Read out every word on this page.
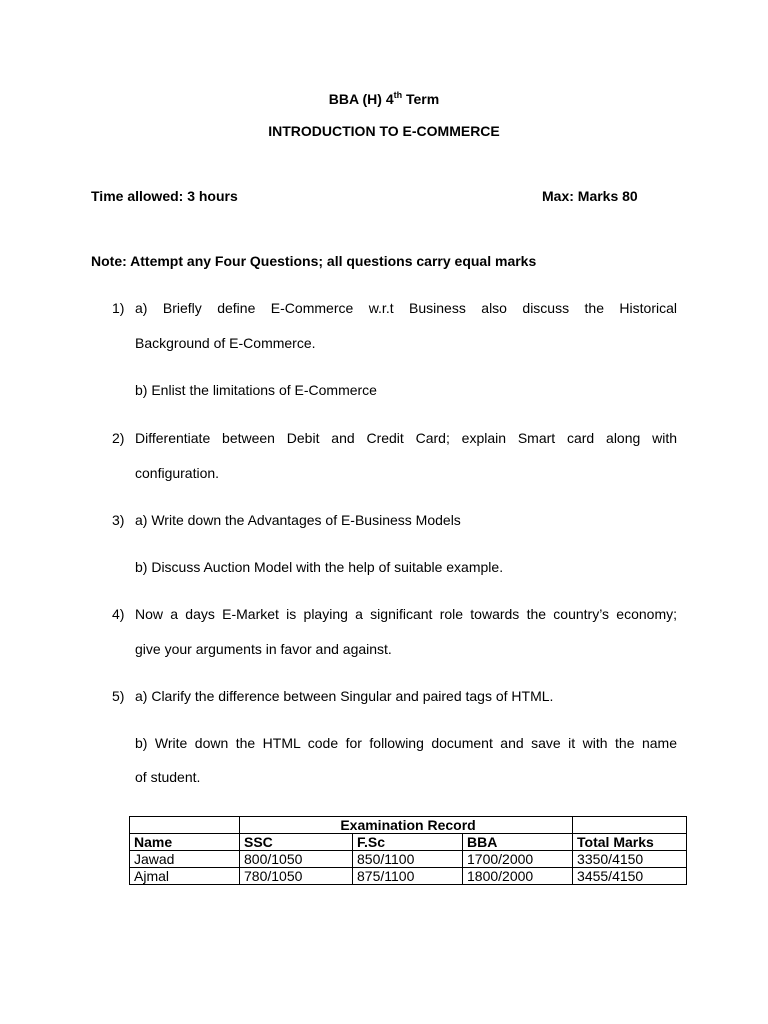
BBA (H) 4th Term
INTRODUCTION TO E-COMMERCE
Time allowed: 3 hours	Max: Marks 80
Note: Attempt any Four Questions; all questions carry equal marks
1) a) Briefly define E-Commerce w.r.t Business also discuss the Historical
Background of E-Commerce.
b) Enlist the limitations of E-Commerce
2) Differentiate between Debit and Credit Card; explain Smart card along with
configuration.
3) a) Write down the Advantages of E-Business Models
b) Discuss Auction Model with the help of suitable example.
4) Now a days E-Market is playing a significant role towards the country’s economy;
give your arguments in favor and against.
5) a) Clarify the difference between Singular and paired tags of HTML.
b) Write down the HTML code for following document and save it with the name
of student.
	Examination Record			
Name	SSC	F.Sc	BBA	Total Marks
Jawad	800/1050	850/1100	1700/2000	3350/4150
Ajmal	780/1050	875/1100	1800/2000	3455/4150
